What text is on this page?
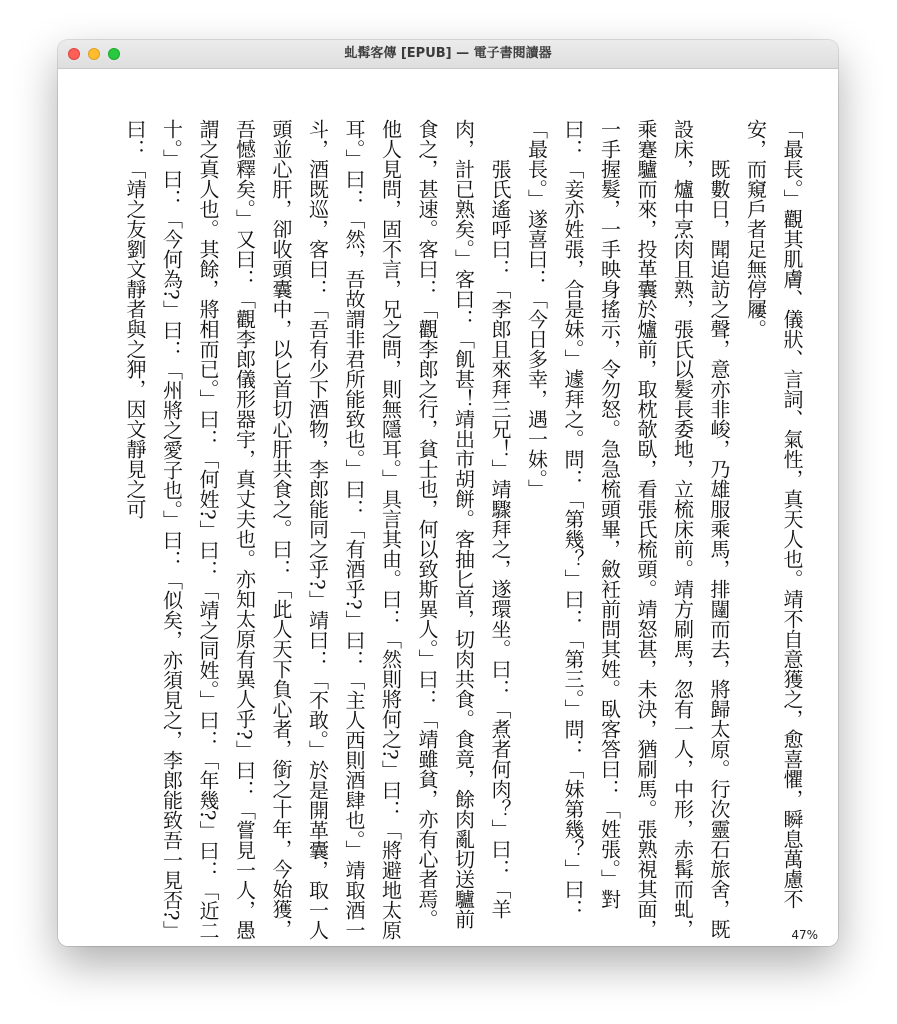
虬髯客傳 [EPUB] — 電子書閱讀器

「最長。」觀其肌膚、儀狀、言詞、氣性，真天人也。靖不自意獲之，愈喜懼，瞬息萬慮不安，而窺戶者足無停屨。

既數日，聞追訪之聲，意亦非峻，乃雄服乘馬，排闥而去，將歸太原。行次靈石旅舍，既設床，爐中烹肉且熟，張氏以髮長委地，立梳床前。靖方刷馬，忽有一人，中形，赤髯而虬，乘蹇驢而來，投革囊於爐前，取枕欹臥，看張氏梳頭。靖怒甚，未決，猶刷馬。張熟視其面，一手握髮，一手映身搖示，令勿怒。急急梳頭畢，斂衽前問其姓。臥客答曰：「姓張。」對曰：「妾亦姓張，合是妹。」遽拜之。問：「第幾？」曰：「第三。」問：「妹第幾？」曰：「最長。」遂喜曰：「今日多幸，遇一妹。」

張氏遙呼曰：「李郎且來拜三兄！」靖驟拜之，遂環坐。曰：「煮者何肉？」曰：「羊肉，計已熟矣。」客曰：「飢甚！靖出市胡餅。客抽匕首，切肉共食。食竟，餘肉亂切送驢前食之，甚速。客曰：「觀李郎之行，貧士也，何以致斯異人。」曰：「靖雖貧，亦有心者焉。他人見問，固不言，兄之問，則無隱耳。」具言其由。曰：「然則將何之?」曰：「將避地太原耳。」曰：「然，吾故謂非君所能致也。」曰：「有酒乎?」曰：「主人西則酒肆也。」靖取酒一斗，酒既巡，客曰：「吾有少下酒物，李郎能同之乎?」靖曰：「不敢。」於是開革囊，取一人頭並心肝，卻收頭囊中，以匕首切心肝共食之。曰：「此人天下負心者，銜之十年，今始獲，吾憾釋矣。」又曰：「觀李郎儀形器宇，真丈夫也。亦知太原有異人乎?」曰：「嘗見一人，愚謂之真人也。其餘，將相而已。」曰：「何姓?」曰：「靖之同姓。」曰：「年幾?」曰：「近二十。」曰：「今何為?」曰：「州將之愛子也。」曰：「似矣，亦須見之，李郎能致吾一見否?」曰：「靖之友劉文靜者與之狎，因文靜見之可

47%
